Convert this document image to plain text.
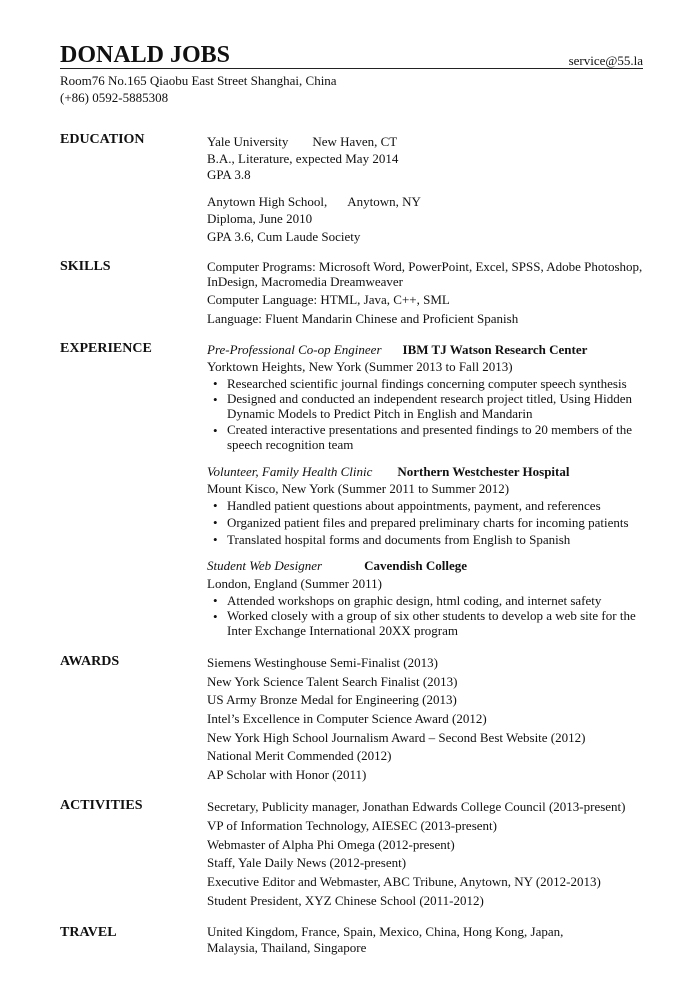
DONALD JOBS	service@55.la
Room76 No.165 Qiaobu East Street Shanghai, China
(+86) 0592-5885308
EDUCATION	Yale University New Haven, CT
B.A., Literature, expected May 2014
GPA 3.8
Anytown High School, Anytown, NY
Diploma, June 2010
GPA 3.6, Cum Laude Society
SKILLS	Computer Programs: Microsoft Word, PowerPoint, Excel, SPSS, Adobe Photoshop, InDesign, Macromedia Dreamweaver
Computer Language: HTML, Java, C++, SML
Language: Fluent Mandarin Chinese and Proficient Spanish
EXPERIENCE	Pre-Professional Co-op Engineer IBM TJ Watson Research Center
Yorktown Heights, New York (Summer 2013 to Fall 2013)
• Researched scientific journal findings concerning computer speech synthesis
• Designed and conducted an independent research project titled, Using Hidden Dynamic Models to Predict Pitch in English and Mandarin
• Created interactive presentations and presented findings to 20 members of the speech recognition team
Volunteer, Family Health Clinic Northern Westchester Hospital
Mount Kisco, New York (Summer 2011 to Summer 2012)
• Handled patient questions about appointments, payment, and references
• Organized patient files and prepared preliminary charts for incoming patients
• Translated hospital forms and documents from English to Spanish
Student Web Designer	Cavendish College
London, England (Summer 2011)
• Attended workshops on graphic design, html coding, and internet safety
• Worked closely with a group of six other students to develop a web site for the Inter Exchange International 20XX program
AWARDS	Siemens Westinghouse Semi-Finalist (2013)
New York Science Talent Search Finalist (2013)
US Army Bronze Medal for Engineering (2013)
Intel’s Excellence in Computer Science Award (2012)
New York High School Journalism Award – Second Best Website (2012)
National Merit Commended (2012)
AP Scholar with Honor (2011)
ACTIVITIES	Secretary, Publicity manager, Jonathan Edwards College Council (2013-present)
VP of Information Technology, AIESEC (2013-present)
Webmaster of Alpha Phi Omega (2012-present)
Staff, Yale Daily News (2012-present)
Executive Editor and Webmaster, ABC Tribune, Anytown, NY (2012-2013)
Student President, XYZ Chinese School (2011-2012)
TRAVEL	United Kingdom, France, Spain, Mexico, China, Hong Kong, Japan, Malaysia, Thailand, Singapore
